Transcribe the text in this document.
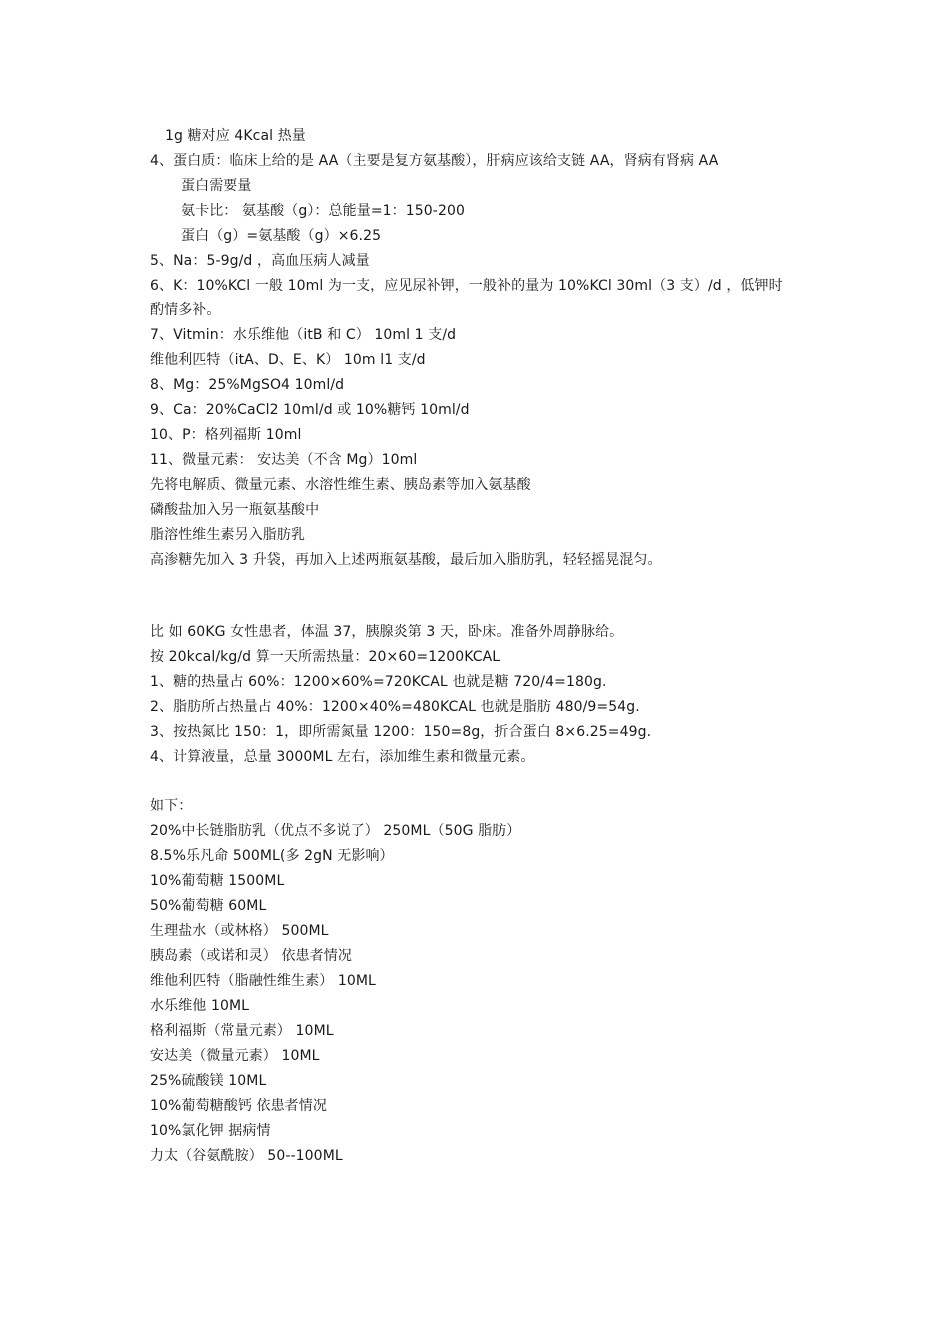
1g 糖对应 4Kcal 热量
4、蛋白质：临床上给的是 AA（主要是复方氨基酸），肝病应该给支链 AA，肾病有肾病 AA
蛋白需要量
氨卡比： 氨基酸（g）：总能量=1：150-200
蛋白（g）=氨基酸（g）×6.25
5、Na：5-9g/d ，高血压病人减量
6、K：10%KCl 一般 10ml 为一支，应见尿补钾，一般补的量为 10%KCl 30ml（3 支）/d ，低钾时
酌情多补。
7、Vitmin：水乐维他（itB 和 C） 10ml 1 支/d
维他利匹特（itA、D、E、K） 10m l1 支/d
8、Mg：25%MgSO4 10ml/d
9、Ca：20%CaCl2 10ml/d 或 10%糖钙 10ml/d
10、P：格列福斯 10ml
11、微量元素： 安达美（不含 Mg）10ml
先将电解质、微量元素、水溶性维生素、胰岛素等加入氨基酸
磷酸盐加入另一瓶氨基酸中
脂溶性维生素另入脂肪乳
高渗糖先加入 3 升袋，再加入上述两瓶氨基酸，最后加入脂肪乳，轻轻摇晃混匀。
比 如 60KG 女性患者，体温 37，胰腺炎第 3 天，卧床。准备外周静脉给。
按 20kcal/kg/d 算一天所需热量：20×60=1200KCAL
1、糖的热量占 60%：1200×60%=720KCAL 也就是糖 720/4=180g.
2、脂肪所占热量占 40%：1200×40%=480KCAL 也就是脂肪 480/9=54g.
3、按热氮比 150：1，即所需氮量 1200：150=8g，折合蛋白 8×6.25=49g.
4、计算液量，总量 3000ML 左右，添加维生素和微量元素。
如下：
20%中长链脂肪乳（优点不多说了） 250ML（50G 脂肪）
8.5%乐凡命 500ML(多 2gN 无影响）
10%葡萄糖 1500ML
50%葡萄糖 60ML
生理盐水（或林格） 500ML
胰岛素（或诺和灵） 依患者情况
维他利匹特（脂融性维生素） 10ML
水乐维他 10ML
格利福斯（常量元素） 10ML
安达美（微量元素） 10ML
25%硫酸镁 10ML
10%葡萄糖酸钙 依患者情况
10%氯化钾 据病情
力太（谷氨酰胺） 50--100ML
